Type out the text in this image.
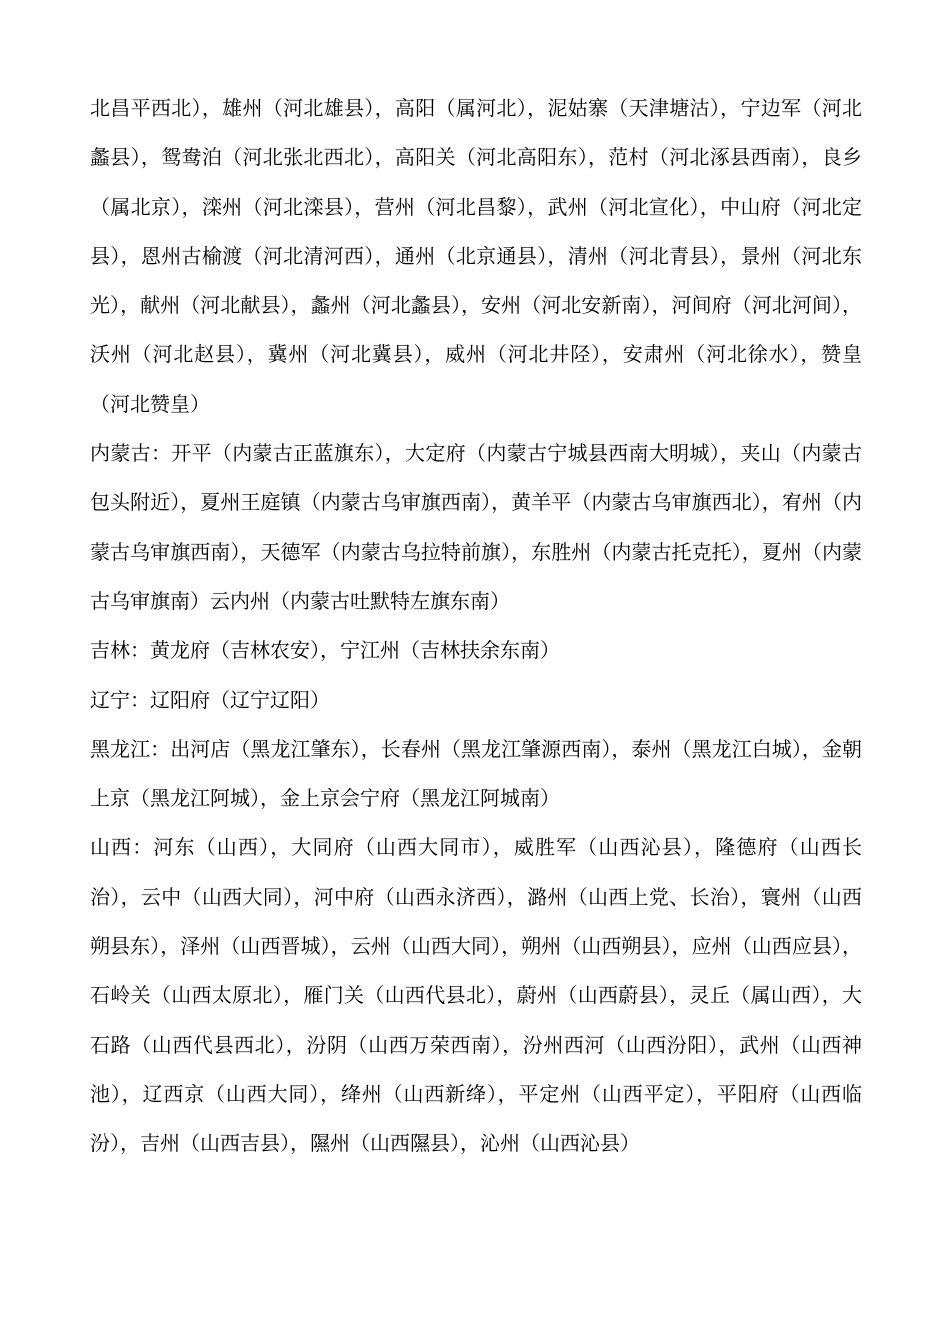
北昌平西北），雄州（河北雄县），高阳（属河北），泥姑寨（天津塘沽），宁边军（河北蠡县），鸳鸯泊（河北张北西北），高阳关（河北高阳东），范村（河北涿县西南），良乡（属北京），滦州（河北滦县），营州（河北昌黎），武州（河北宣化），中山府（河北定县），恩州古榆渡（河北清河西），通州（北京通县），清州（河北青县），景州（河北东光），献州（河北献县），蠡州（河北蠡县），安州（河北安新南），河间府（河北河间），沃州（河北赵县），冀州（河北冀县），威州（河北井陉），安肃州（河北徐水），赞皇（河北赞皇）

内蒙古：开平（内蒙古正蓝旗东），大定府（内蒙古宁城县西南大明城），夹山（内蒙古包头附近），夏州王庭镇（内蒙古乌审旗西南），黄羊平（内蒙古乌审旗西北），宥州（内蒙古乌审旗西南），天德军（内蒙古乌拉特前旗），东胜州（内蒙古托克托），夏州（内蒙古乌审旗南）云内州（内蒙古吐默特左旗东南）

吉林：黄龙府（吉林农安），宁江州（吉林扶余东南）

辽宁：辽阳府（辽宁辽阳）

黑龙江：出河店（黑龙江肇东），长春州（黑龙江肇源西南），泰州（黑龙江白城），金朝上京（黑龙江阿城），金上京会宁府（黑龙江阿城南）

山西：河东（山西），大同府（山西大同市），威胜军（山西沁县），隆德府（山西长治），云中（山西大同），河中府（山西永济西），潞州（山西上党、长治），寰州（山西朔县东），泽州（山西晋城），云州（山西大同），朔州（山西朔县），应州（山西应县），石岭关（山西太原北），雁门关（山西代县北），蔚州（山西蔚县），灵丘（属山西），大石路（山西代县西北），汾阴（山西万荣西南），汾州西河（山西汾阳），武州（山西神池），辽西京（山西大同），绛州（山西新绛），平定州（山西平定），平阳府（山西临汾），吉州（山西吉县），隰州（山西隰县），沁州（山西沁县）
